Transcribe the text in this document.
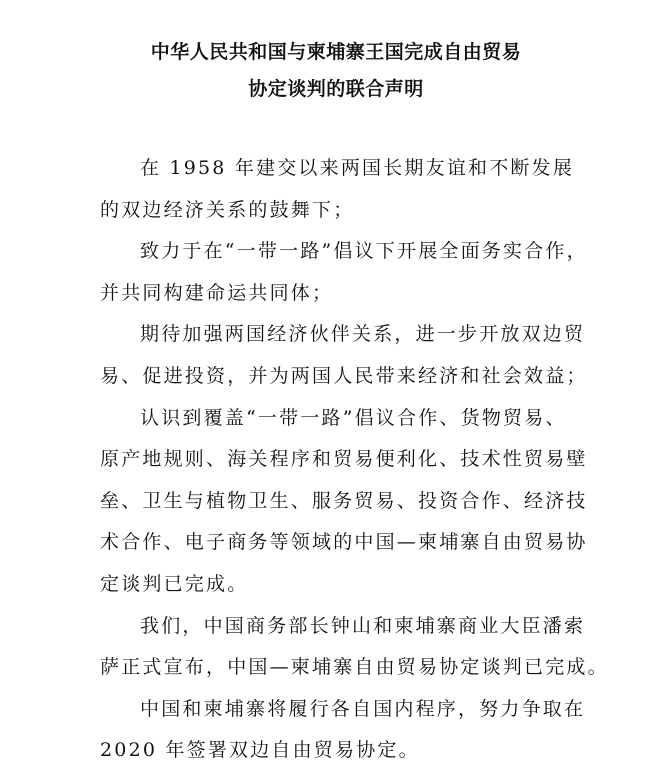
中华人民共和国与柬埔寨王国完成自由贸易
协定谈判的联合声明
在 1958 年建交以来两国长期友谊和不断发展
的双边经济关系的鼓舞下；
致力于在“一带一路”倡议下开展全面务实合作，
并共同构建命运共同体；
期待加强两国经济伙伴关系，进一步开放双边贸
易、促进投资，并为两国人民带来经济和社会效益；
认识到覆盖“一带一路”倡议合作、货物贸易、
原产地规则、海关程序和贸易便利化、技术性贸易壁
垒、卫生与植物卫生、服务贸易、投资合作、经济技
术合作、电子商务等领域的中国—柬埔寨自由贸易协
定谈判已完成。
我们，中国商务部长钟山和柬埔寨商业大臣潘索
萨正式宣布，中国—柬埔寨自由贸易协定谈判已完成。
中国和柬埔寨将履行各自国内程序，努力争取在
2020 年签署双边自由贸易协定。
